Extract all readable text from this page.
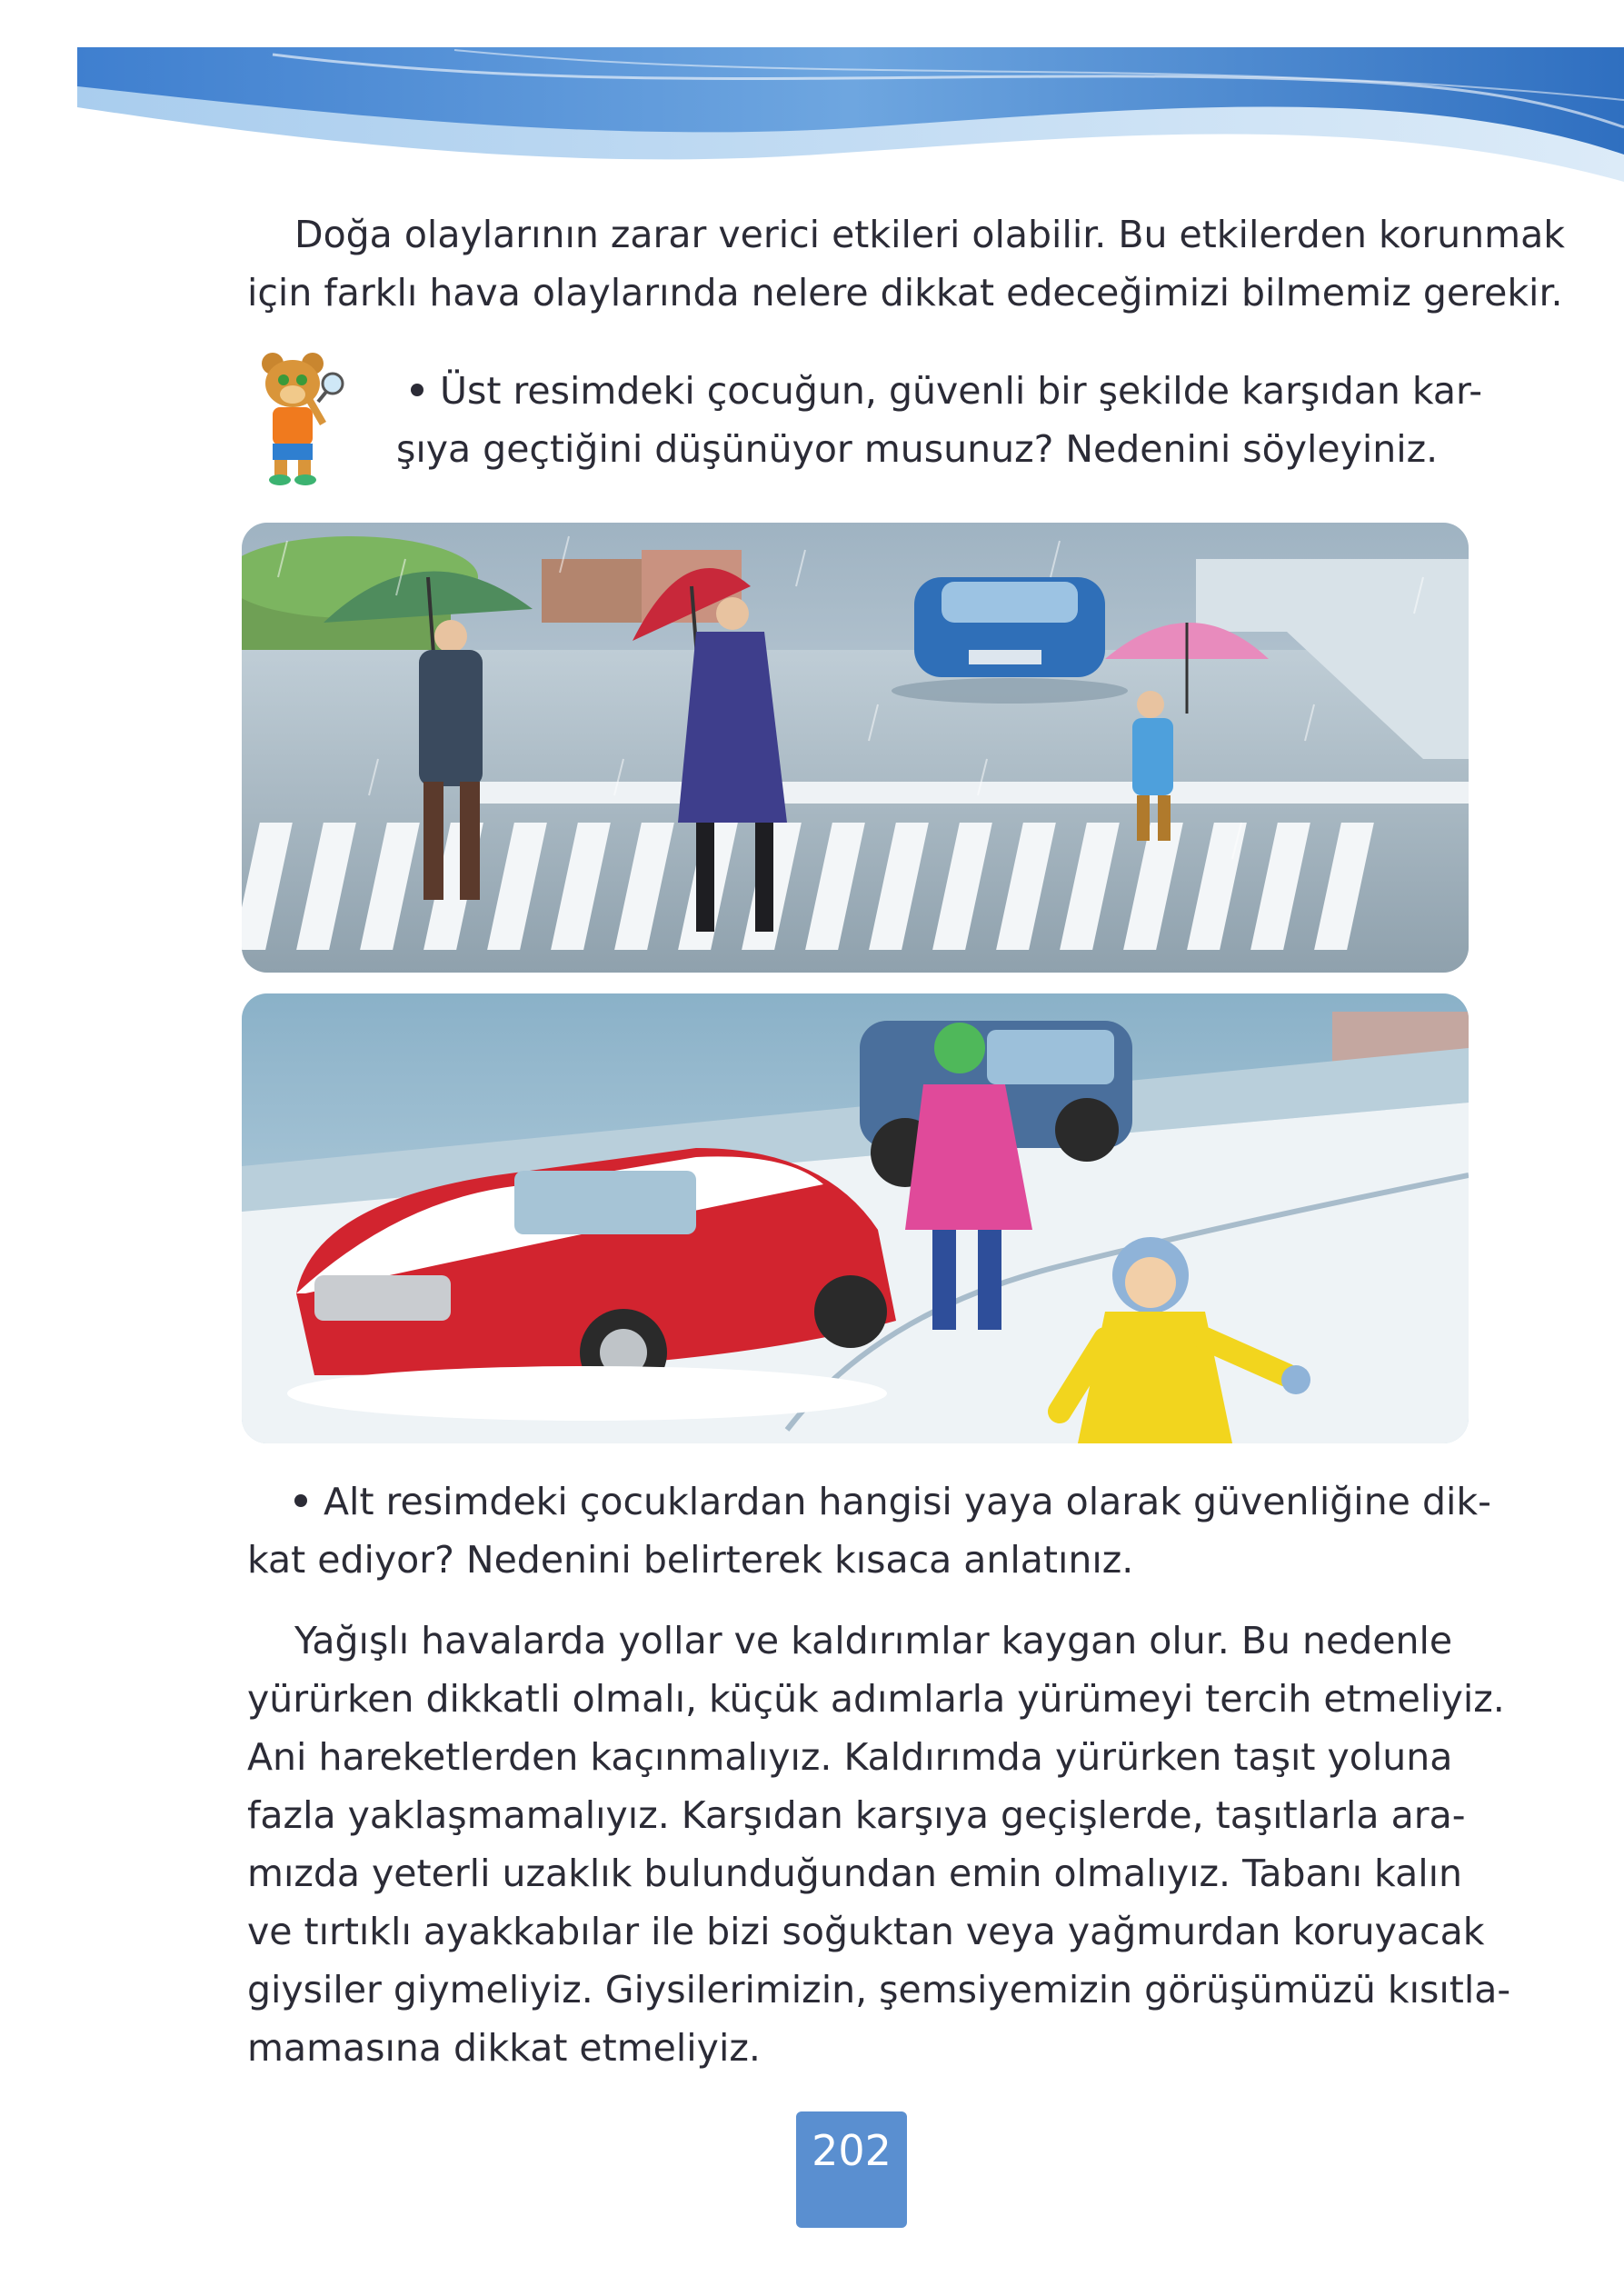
Doğa olaylarının zarar verici etkileri olabilir. Bu etkilerden korunmak
için farklı hava olaylarında nelere dikkat edeceğimizi bilmemiz gerekir.
Üst resimdeki çocuğun, güvenli bir şekilde karşıdan kar-
şıya geçtiğini düşünüyor musunuz? Nedenini söyleyiniz.
Alt resimdeki çocuklardan hangisi yaya olarak güvenliğine dik-
kat ediyor? Nedenini belirterek kısaca anlatınız.
Yağışlı havalarda yollar ve kaldırımlar kaygan olur. Bu nedenle
yürürken dikkatli olmalı, küçük adımlarla yürümeyi tercih etmeliyiz.
Ani hareketlerden kaçınmalıyız. Kaldırımda yürürken taşıt yoluna
fazla yaklaşmamalıyız. Karşıdan karşıya geçişlerde, taşıtlarla ara-
mızda yeterli uzaklık bulunduğundan emin olmalıyız. Tabanı kalın
ve tırtıklı ayakkabılar ile bizi soğuktan veya yağmurdan koruyacak
giysiler giymeliyiz. Giysilerimizin, şemsiyemizin görüşümüzü kısıtla-
mamasına dikkat etmeliyiz.
202
